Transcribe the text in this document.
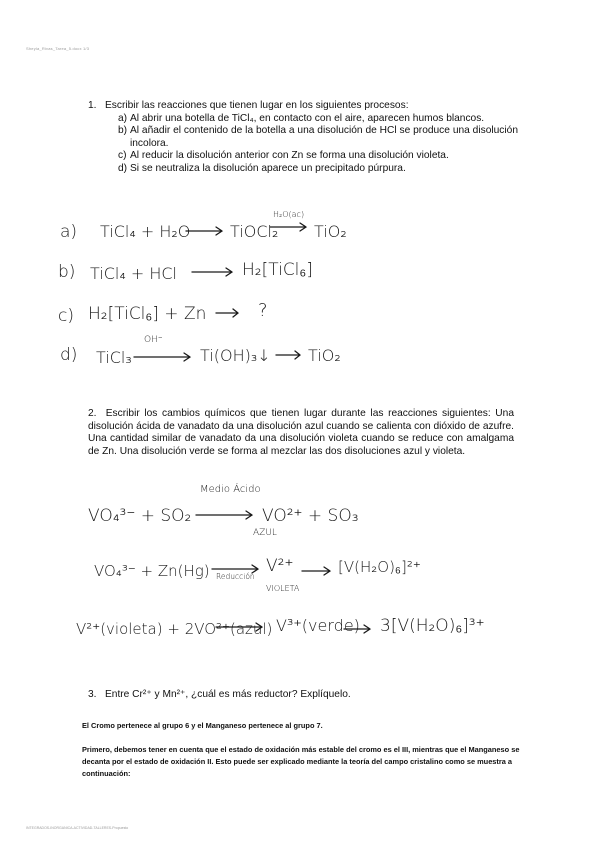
Sheyla_Rivas_Tarea_5.docx 1/3
1. Escribir las reacciones que tienen lugar en los siguientes procesos:
a) Al abrir una botella de TiCl₄, en contacto con el aire, aparecen humos blancos.
b) Al añadir el contenido de la botella a una disolución de HCl se produce una disolución incolora.
c) Al reducir la disolución anterior con Zn se forma una disolución violeta.
d) Si se neutraliza la disolución aparece un precipitado púrpura.
a) TiCl₄ + H₂O
H₂O(ac)
TiOCl₂ TiO₂
b) TiCl₄ + HCl	H₂[TiCl₆]
c) H₂[TiCl₆] + Zn	?
d) TiCl₃
OH⁻
Ti(OH)₃↓ TiO₂
2. Escribir los cambios químicos que tienen lugar durante las reacciones siguientes: Una disolución ácida de vanadato da una disolución azul cuando se calienta con dióxido de azufre. Una cantidad similar de vanadato da una disolución violeta cuando se reduce con amalgama de Zn. Una disolución verde se forma al mezclar las dos disoluciones azul y violeta.
Medio Ácido
VO₄³⁻ + SO₂	VO²⁺ + SO₃
AZUL
VO₄³⁻ + Zn(Hg) Reducción
V²⁺
VIOLETA
[V(H₂O)₆]²⁺
V²⁺(violeta) + 2VO²⁺(azul) V³⁺(verde) 3[V(H₂O)₆]³⁺
3. Entre Cr²⁺ y Mn²⁺, ¿cuál es más reductor? Explíquelo.

El Cromo pertenece al grupo 6 y el Manganeso pertenece al grupo 7.

Primero, debemos tener en cuenta que el estado de oxidación más estable del cromo es el III, mientras que el Manganeso se decanta por el estado de oxidación II. Esto puede ser explicado mediante la teoría del campo cristalino como se muestra a continuación:

INTEGRADOS-INORGANICA-ACTIVIDAD-TALLERES-Propuesto
